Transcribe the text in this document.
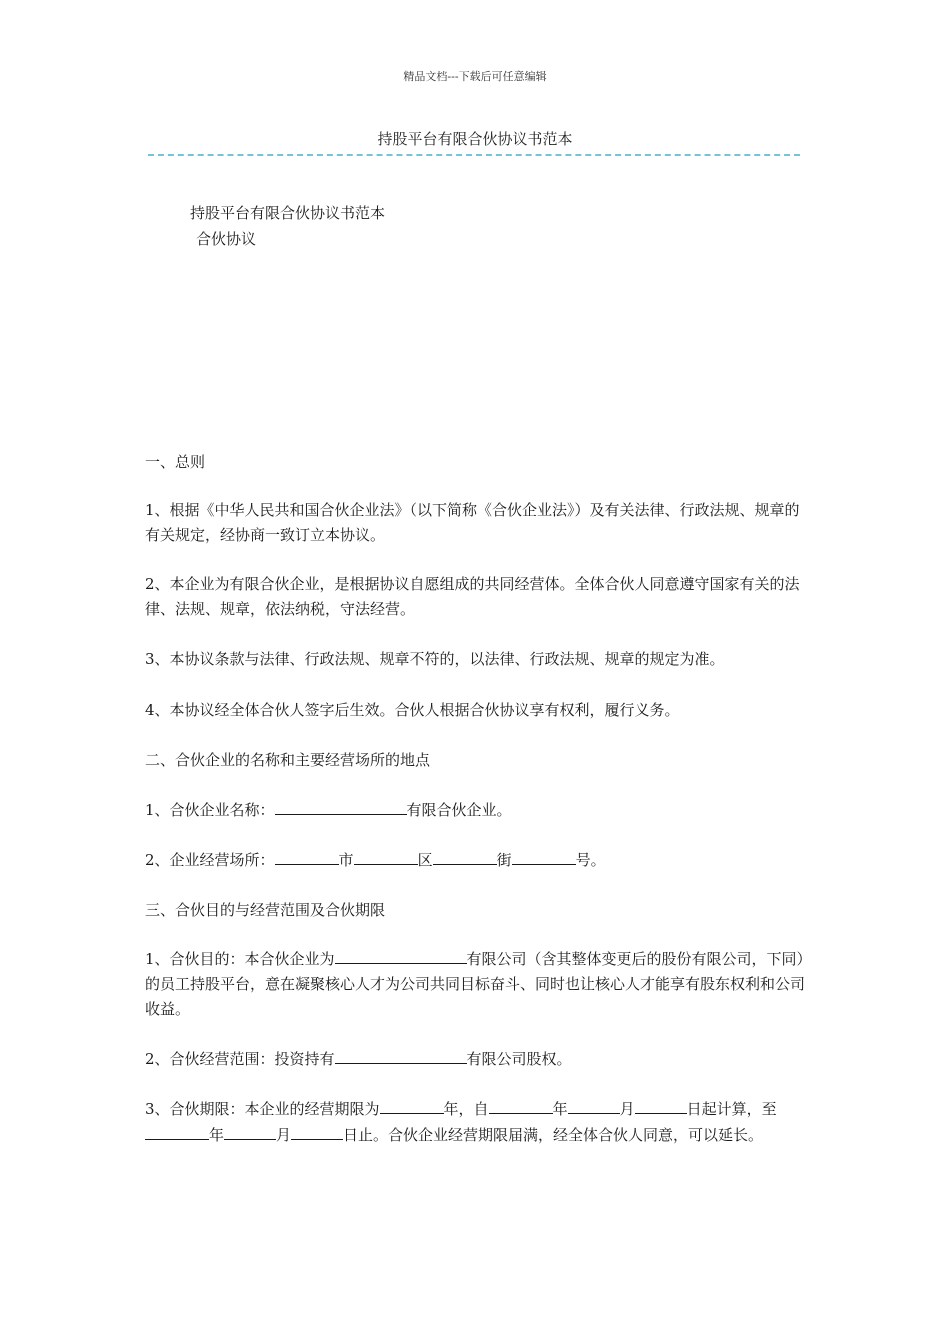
精品文档---下载后可任意编辑
持股平台有限合伙协议书范本
持股平台有限合伙协议书范本
合伙协议

一、总则

1、根据《中华人民共和国合伙企业法》（以下简称《合伙企业法》）及有关法律、行政法规、规章的有关规定，经协商一致订立本协议。

2、本企业为有限合伙企业，是根据协议自愿组成的共同经营体。全体合伙人同意遵守国家有关的法律、法规、规章，依法纳税，守法经营。

3、本协议条款与法律、行政法规、规章不符的，以法律、行政法规、规章的规定为准。

4、本协议经全体合伙人签字后生效。合伙人根据合伙协议享有权利，履行义务。

二、合伙企业的名称和主要经营场所的地点

1、合伙企业名称：	有限合伙企业。

2、企业经营场所：	市	区	街	号。

三、合伙目的与经营范围及合伙期限

1、合伙目的：本合伙企业为	有限公司（含其整体变更后的股份有限公司，下同）的员工持股平台，意在凝聚核心人才为公司共同目标奋斗、同时也让核心人才能享有股东权利和公司收益。

2、合伙经营范围：投资持有	有限公司股权。

3、合伙期限：本企业的经营期限为	年，自	年	月	日起计算，至年	月	日止。合伙企业经营期限届满，经全体合伙人同意，可以延长。
